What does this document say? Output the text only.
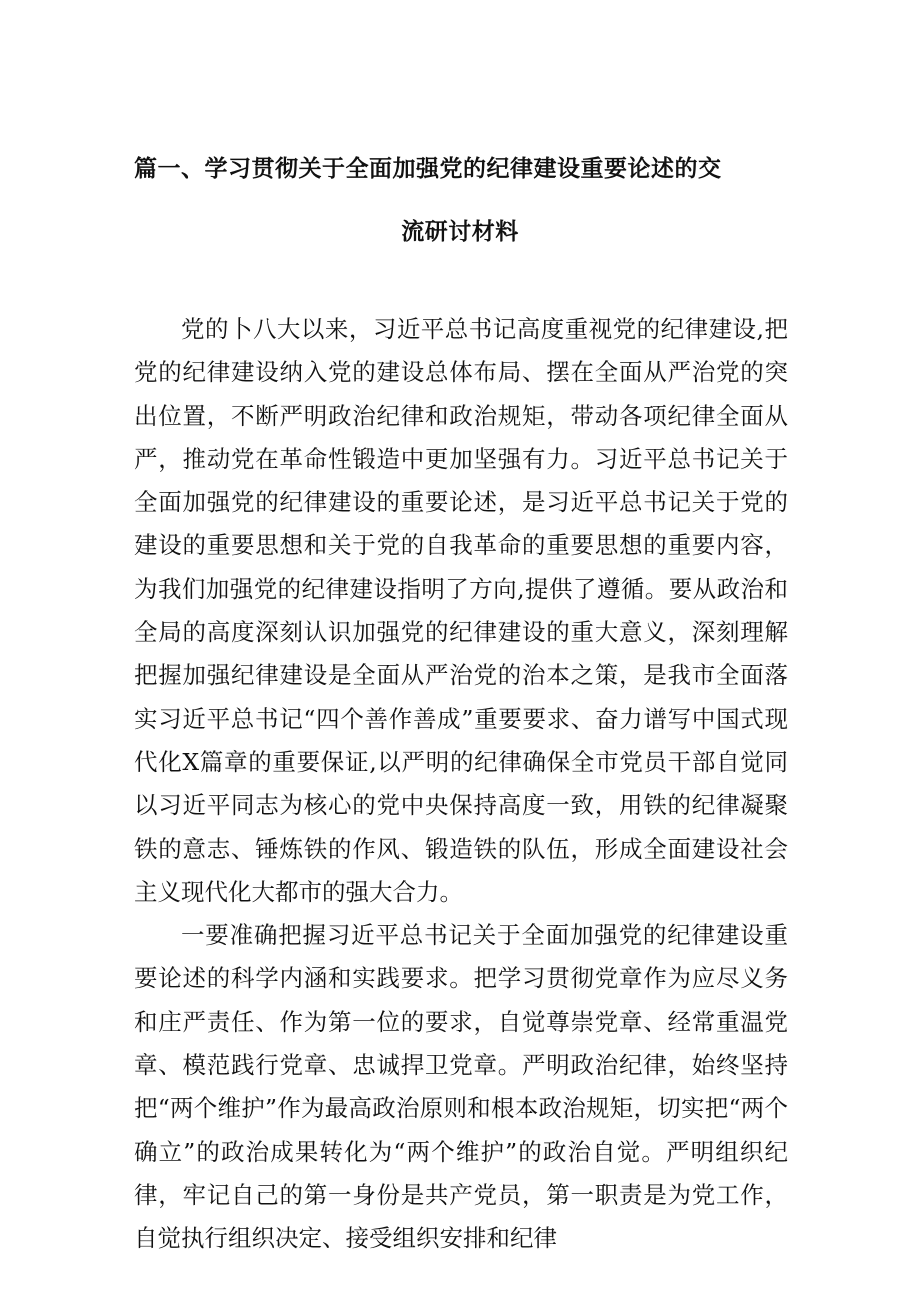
篇一、学习贯彻关于全面加强党的纪律建设重要论述的交
流研讨材料

党的卜八大以来，习近平总书记高度重视党的纪律建设,把党的纪律建设纳入党的建设总体布局、摆在全面从严治党的突出位置，不断严明政治纪律和政治规矩，带动各项纪律全面从严，推动党在革命性锻造中更加坚强有力。习近平总书记关于全面加强党的纪律建设的重要论述，是习近平总书记关于党的建设的重要思想和关于党的自我革命的重要思想的重要内容，为我们加强党的纪律建设指明了方向,提供了遵循。要从政治和全局的高度深刻认识加强党的纪律建设的重大意义，深刻理解把握加强纪律建设是全面从严治党的治本之策，是我市全面落实习近平总书记“四个善作善成”重要要求、奋力谱写中国式现代化X篇章的重要保证,以严明的纪律确保全市党员干部自觉同以习近平同志为核心的党中央保持高度一致，用铁的纪律凝聚铁的意志、锤炼铁的作风、锻造铁的队伍，形成全面建设社会主义现代化大都市的强大合力。

一要准确把握习近平总书记关于全面加强党的纪律建设重要论述的科学内涵和实践要求。把学习贯彻党章作为应尽义务和庄严责任、作为第一位的要求，自觉尊崇党章、经常重温党章、模范践行党章、忠诚捍卫党章。严明政治纪律，始终坚持把“两个维护”作为最高政治原则和根本政治规矩，切实把“两个确立”的政治成果转化为“两个维护”的政治自觉。严明组织纪律，牢记自己的第一身份是共产党员，第一职责是为党工作，自觉执行组织决定、接受组织安排和纪律
